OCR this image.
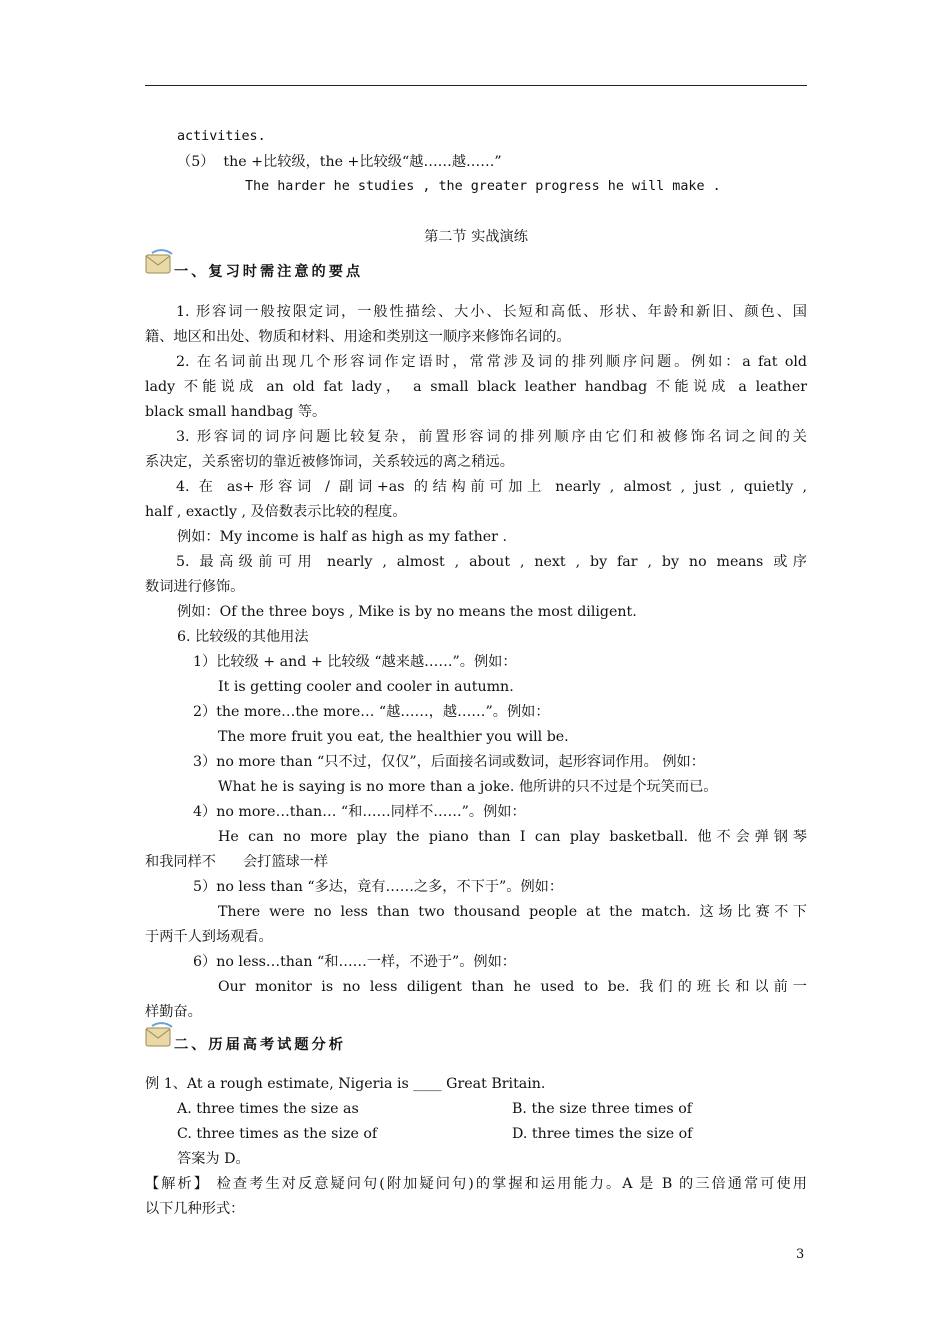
activities.
（5）  the +比较级，the +比较级“越……越……”
The harder he studies , the greater progress he will make .
第二节 实战演练
一、复习时需注意的要点
1. 形容词一般按限定词，一般性描绘、大小、长短和高低、形状、年龄和新旧、颜色、国
籍、地区和出处、物质和材料、用途和类别这一顺序来修饰名词的。
2. 在名词前出现几个形容词作定语时，常常涉及词的排列顺序问题。例如：a fat old
lady 不能说成 an old fat lady， a small black leather handbag 不能说成 a leather
black small handbag 等。
3. 形容词的词序问题比较复杂，前置形容词的排列顺序由它们和被修饰名词之间的关
系决定，关系密切的靠近被修饰词，关系较远的离之稍远。
4. 在 as+形容词 / 副词+as 的结构前可加上 nearly , almost , just , quietly ,
half , exactly , 及倍数表示比较的程度。
例如：My income is half as high as my father .
5. 最高级前可用 nearly , almost , about , next , by far , by no means 或序
数词进行修饰。
例如：Of the three boys , Mike is by no means the most diligent.
6. 比较级的其他用法
1）比较级 + and + 比较级 “越来越……”。例如：
It is getting cooler and cooler in autumn.
2）the more…the more… “越……，越……”。例如：
The more fruit you eat, the healthier you will be.
3）no more than “只不过，仅仅”，后面接名词或数词，起形容词作用。 例如：
What he is saying is no more than a joke. 他所讲的只不过是个玩笑而已。
4）no more…than… “和……同样不……”。例如：
He can no more play the piano than I can play basketball. 他不会弹钢琴
和我同样不      会打篮球一样
5）no less than “多达，竟有……之多，不下于”。例如：
There were no less than two thousand people at the match. 这场比赛不下
于两千人到场观看。
6）no less…than “和……一样，不逊于”。例如：
Our monitor is no less diligent than he used to be. 我们的班长和以前一
样勤奋。
二、历届高考试题分析
例 1、At a rough estimate, Nigeria is ____ Great Britain.
A. three times the size as	B. the size three times of
C. three times as the size of	D. three times the size of
答案为 D。
【解析】 检查考生对反意疑问句(附加疑问句)的掌握和运用能力。A 是 B 的三倍通常可使用
以下几种形式：
3
